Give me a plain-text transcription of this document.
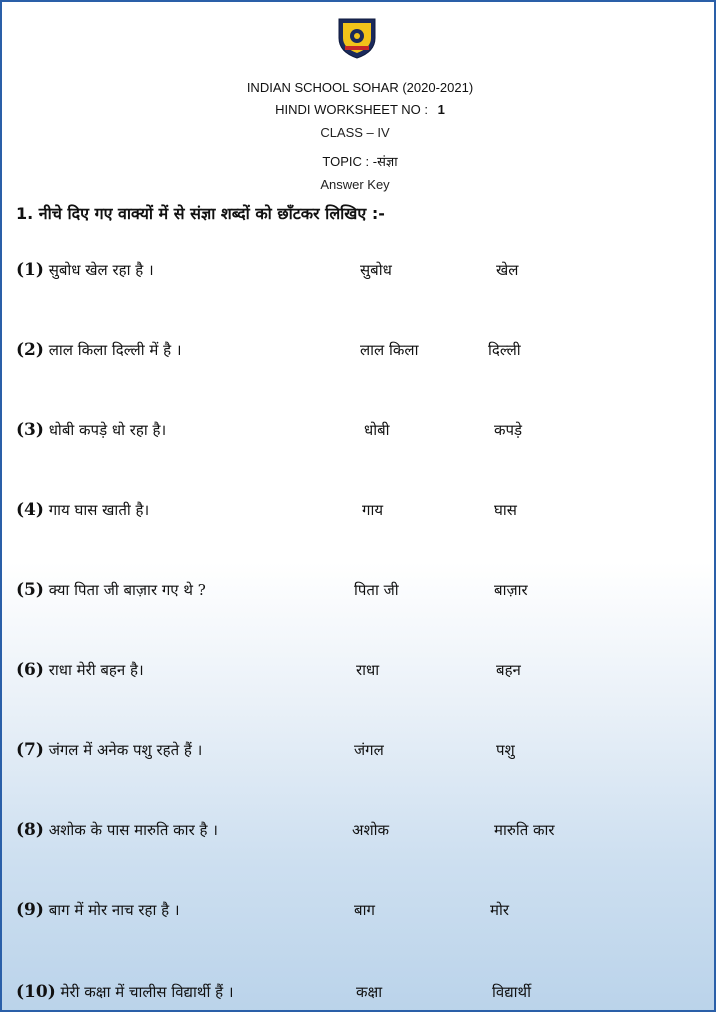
INDIAN SCHOOL SOHAR (2020-2021)
HINDI WORKSHEET NO : 1
CLASS – IV
TOPIC : -संज्ञा
Answer Key
1. नीचे दिए गए वाक्यों में से संज्ञा शब्दों को छाँटकर लिखिए :-
(1) सुबोध खेल रहा है ।	सुबोध	खेल
(2) लाल किला दिल्ली में है ।	लाल किला	दिल्ली
(3) धोबी कपड़े धो रहा है।	धोबी	कपड़े
(4) गाय घास खाती है।	गाय	घास
(5) क्या पिता जी बाज़ार गए थे ?	पिता जी	बाज़ार
(6) राधा मेरी बहन है।	राधा	बहन
(7) जंगल में अनेक पशु रहते हैं ।	जंगल	पशु
(8) अशोक के पास मारुति कार है ।	अशोक	मारुति कार
(9) बाग में मोर नाच रहा है ।	बाग	मोर
(10) मेरी कक्षा में चालीस विद्यार्थी हैं ।	कक्षा	विद्यार्थी
